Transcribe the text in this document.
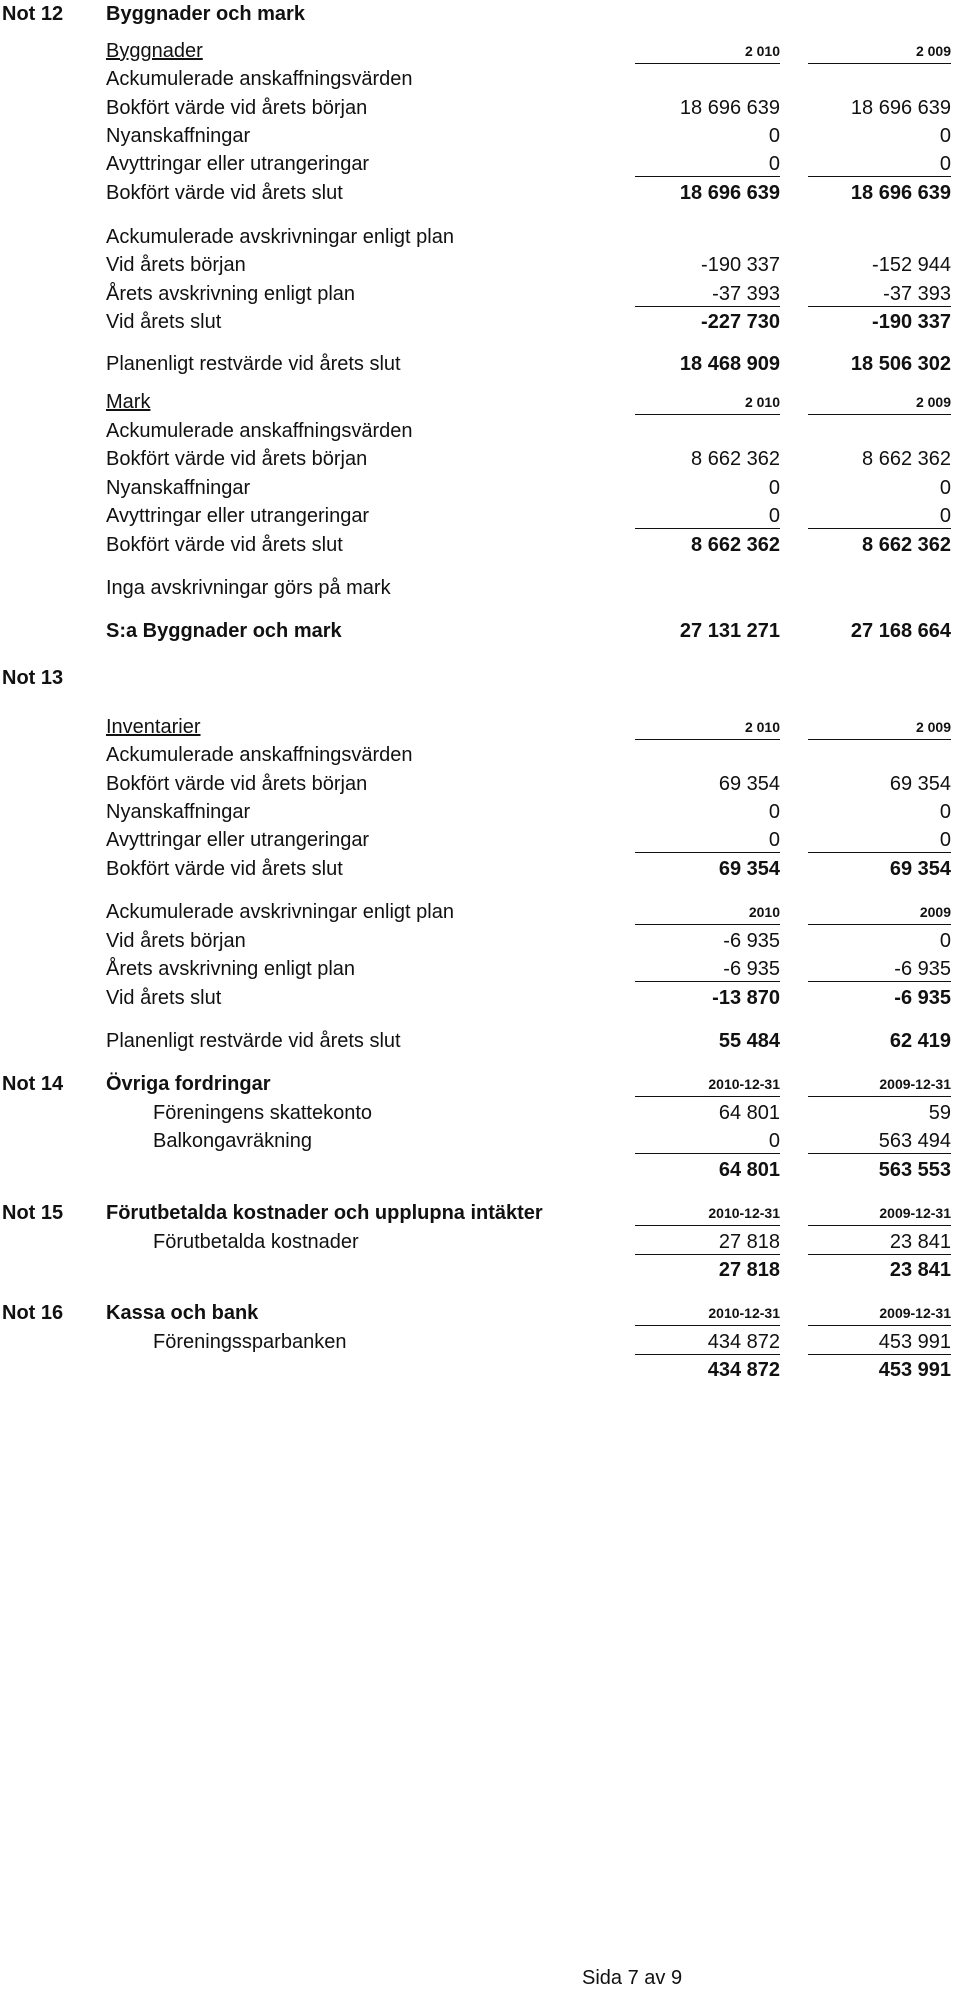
Not 12 Byggnader och mark
Byggnader	2 010	2 009
Ackumulerade anskaffningsvärden
Bokfört värde vid årets början	18 696 639	18 696 639
Nyanskaffningar	0	0
Avyttringar eller utrangeringar	0	0
Bokfört värde vid årets slut	18 696 639	18 696 639
Ackumulerade avskrivningar enligt plan
Vid årets början	-190 337	-152 944
Årets avskrivning enligt plan	-37 393	-37 393
Vid årets slut	-227 730	-190 337
Planenligt restvärde vid årets slut	18 468 909	18 506 302
Mark	2 010	2 009
Ackumulerade anskaffningsvärden
Bokfört värde vid årets början	8 662 362	8 662 362
Nyanskaffningar	0	0
Avyttringar eller utrangeringar	0	0
Bokfört värde vid årets slut	8 662 362	8 662 362
Inga avskrivningar görs på mark
S:a Byggnader och mark	27 131 271	27 168 664
Not 13
Inventarier	2 010	2 009
Ackumulerade anskaffningsvärden
Bokfört värde vid årets början	69 354	69 354
Nyanskaffningar	0	0
Avyttringar eller utrangeringar	0	0
Bokfört värde vid årets slut	69 354	69 354
Ackumulerade avskrivningar enligt plan	2010	2009
Vid årets början	-6 935	0
Årets avskrivning enligt plan	-6 935	-6 935
Vid årets slut	-13 870	-6 935
Planenligt restvärde vid årets slut	55 484	62 419
Not 14 Övriga fordringar	2010-12-31	2009-12-31
Föreningens skattekonto	64 801	59
Balkongavräkning	0	563 494
64 801	563 553
Not 15 Förutbetalda kostnader och upplupna intäkter	2010-12-31	2009-12-31
Förutbetalda kostnader	27 818	23 841
27 818	23 841
Not 16 Kassa och bank	2010-12-31	2009-12-31
Föreningssparbanken	434 872	453 991
434 872	453 991
Sida 7 av 9
